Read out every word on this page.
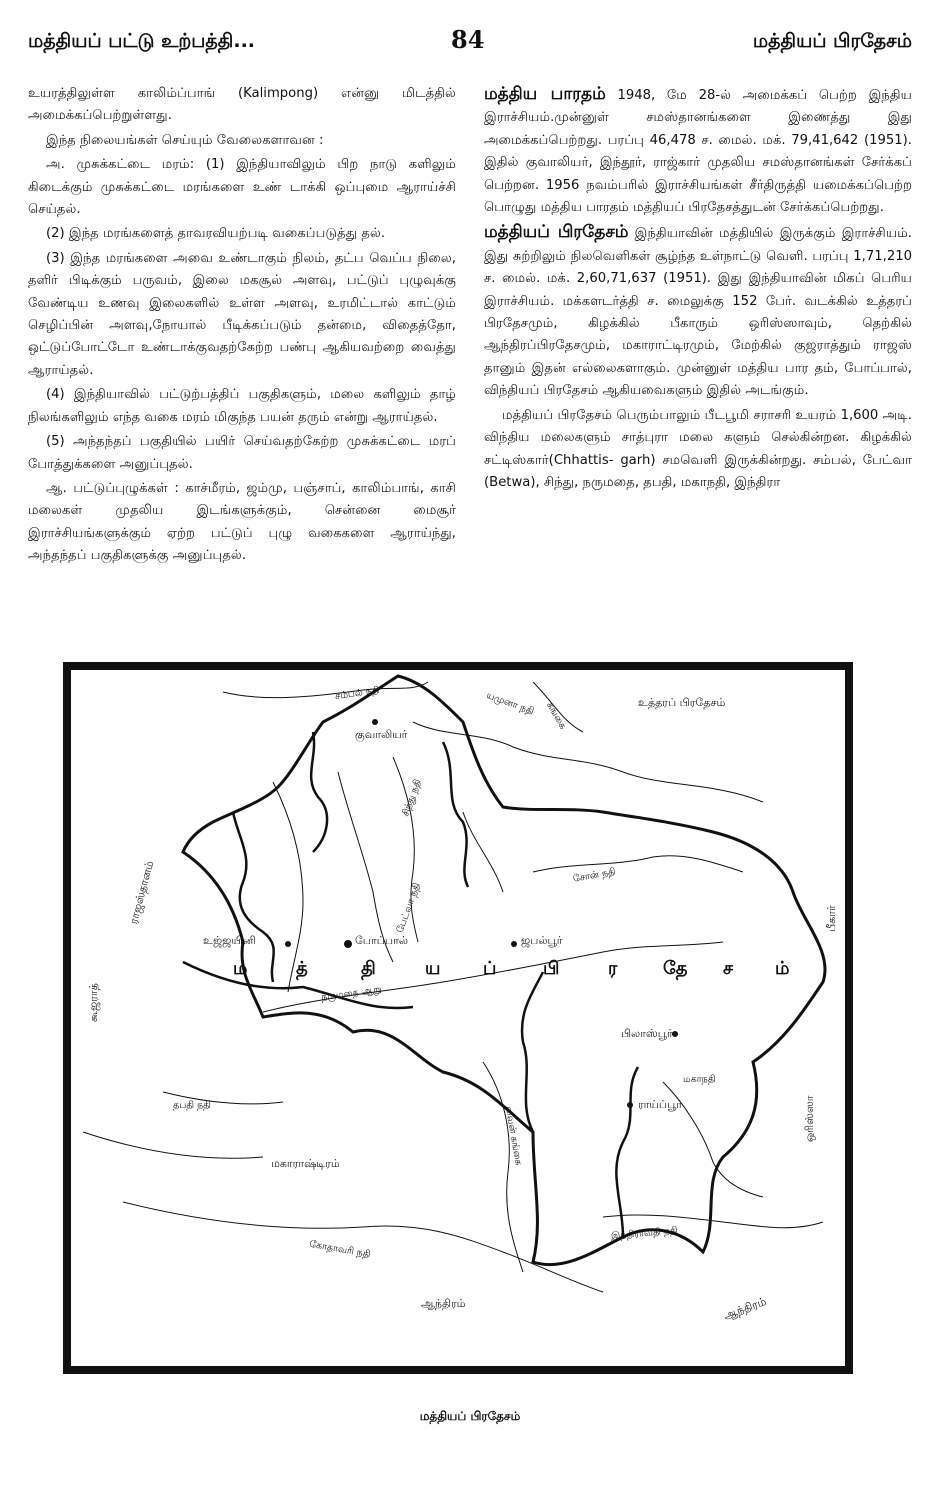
மத்தியப் பட்டு உற்பத்தி...	84	மத்தியப் பிரதேசம்

உயரத்திலுள்ள காலிம்ப்பாங் (Kalimpong) என்னு மிடத்தில் அமைக்கப்பெற்றுள்ளது.

இந்த நிலையங்கள் செய்யும் வேலைகளாவன :

அ. முசுக்கட்டை மரம்: (1) இந்தியாவிலும் பிற நாடு களிலும் கிடைக்கும் முசுக்கட்டை மரங்களை உண் டாக்கி ஒப்புமை ஆராய்ச்சி செய்தல்.

(2) இந்த மரங்களைத் தாவரவியற்படி வகைப்படுத்து தல்.

(3) இந்த மரங்களை அவை உண்டாகும் நிலம், தட்ப வெப்ப நிலை, தளிர் பிடிக்கும் பருவம், இலை மகசூல் அளவு, பட்டுப் புழுவுக்கு வேண்டிய உணவு இலைகளில் உள்ள அளவு, உரமிட்டால் காட்டும் செழிப்பின் அளவு,நோயால் பீடிக்கப்படும் தன்மை, விதைத்தோ, ஒட்டுப்போட்டோ உண்டாக்குவதற்கேற்ற பண்பு ஆகியவற்றை வைத்து ஆராய்தல்.

(4) இந்தியாவில் பட்டுற்பத்திப் பகுதிகளும், மலை களிலும் தாழ் நிலங்களிலும் எந்த வகை மரம் மிகுந்த பயன் தரும் என்று ஆராய்தல்.

(5) அந்தந்தப் பகுதியில் பயிர் செய்வதற்கேற்ற முசுக்கட்டை மரப் போத்துக்களை அனுப்புதல்.

ஆ. பட்டுப்புழுக்கள் : காச்மீரம், ஜம்மு, பஞ்சாப், காலிம்பாங், காசி மலைகள் முதலிய இடங்களுக்கும், சென்னை மைசூர் இராச்சியங்களுக்கும் ஏற்ற பட்டுப் புழு வகைகளை ஆராய்ந்து, அந்தந்தப் பகுதிகளுக்கு அனுப்புதல்.

மத்திய பாரதம் 1948, மே 28-ல் அமைக்கப் பெற்ற இந்திய இராச்சியம்.முன்னுள் சமஸ்தானங்களை இணைத்து இது அமைக்கப்பெற்றது. பரப்பு 46,478 ச. மைல். மக். 79,41,642 (1951). இதில் குவாலியர், இந்தூர், ராஜ்கார் முதலிய சமஸ்தானங்கள் சேர்க்கப் பெற்றன. 1956 நவம்பரில் இராச்சியங்கள் சீர்திருத்தி யமைக்கப்பெற்ற பொழுது மத்திய பாரதம் மத்தியப் பிரதேசத்துடன் சேர்க்கப்பெற்றது.

மத்தியப் பிரதேசம் இந்தியாவின் மத்தியில் இருக்கும் இராச்சியம். இது சுற்றிலும் நிலவெளிகள் சூழ்ந்த உள்நாட்டு வெளி. பரப்பு 1,71,210 ச. மைல். மக். 2,60,71,637 (1951). இது இந்தியாவின் மிகப் பெரிய இராச்சியம். மக்களடர்த்தி ச. மைலுக்கு 152 பேர். வடக்கில் உத்தரப் பிரதேசமும், கிழக்கில் பீகாரும் ஒரிஸ்ஸாவும், தெற்கில் ஆந்திரப்பிரதேசமும், மகாராட்டிரமும், மேற்கில் குஜராத்தும் ராஜஸ் தானும் இதன் எல்லைகளாகும். முன்னுள் மத்திய பார தம், போப்பால், விந்தியப் பிரதேசம் ஆகியவைகளும் இதில் அடங்கும்.

மத்தியப் பிரதேசம் பெரும்பாலும் பீடபூமி சராசரி உயரம் 1,600 அடி. விந்திய மலைகளும் சாத்புரா மலை களும் செல்கின்றன. கிழக்கில் சட்டிஸ்கார்(Chhattis- garh) சமவெளி இருக்கின்றது. சம்பல், பேட்வா (Betwa), சிந்து, நருமதை, தபதி, மகாநதி, இந்திரா

ம	த்	தி	ய ப்	பி	ர	தே ச ம்
உத்தரப் பிரதேசம்
ராஜஸ்தானம்
கூஜராத்
பீகார்
ஒரிஸ்ஸா
மகாராஷ்டிரம்
ஆந்திரம்	ஆந்திரம்
குவாலியர்
உஜ்ஜயினி	போப்பால்	ஜபல்பூர்
பிலாஸ்பூர்
ராய்ப்பூர்
சம்பல் நதி	யமுனா நதி கங்கை
சிந்து நதி
பேட்வா நதி
சோன் நதி
நருமதை ஆறு
தபதி நதி
மகாநதி
வைன் கங்கை
இந்திராவதி நதி
கோதாவரி நதி
மத்தியப் பிரதேசம்
